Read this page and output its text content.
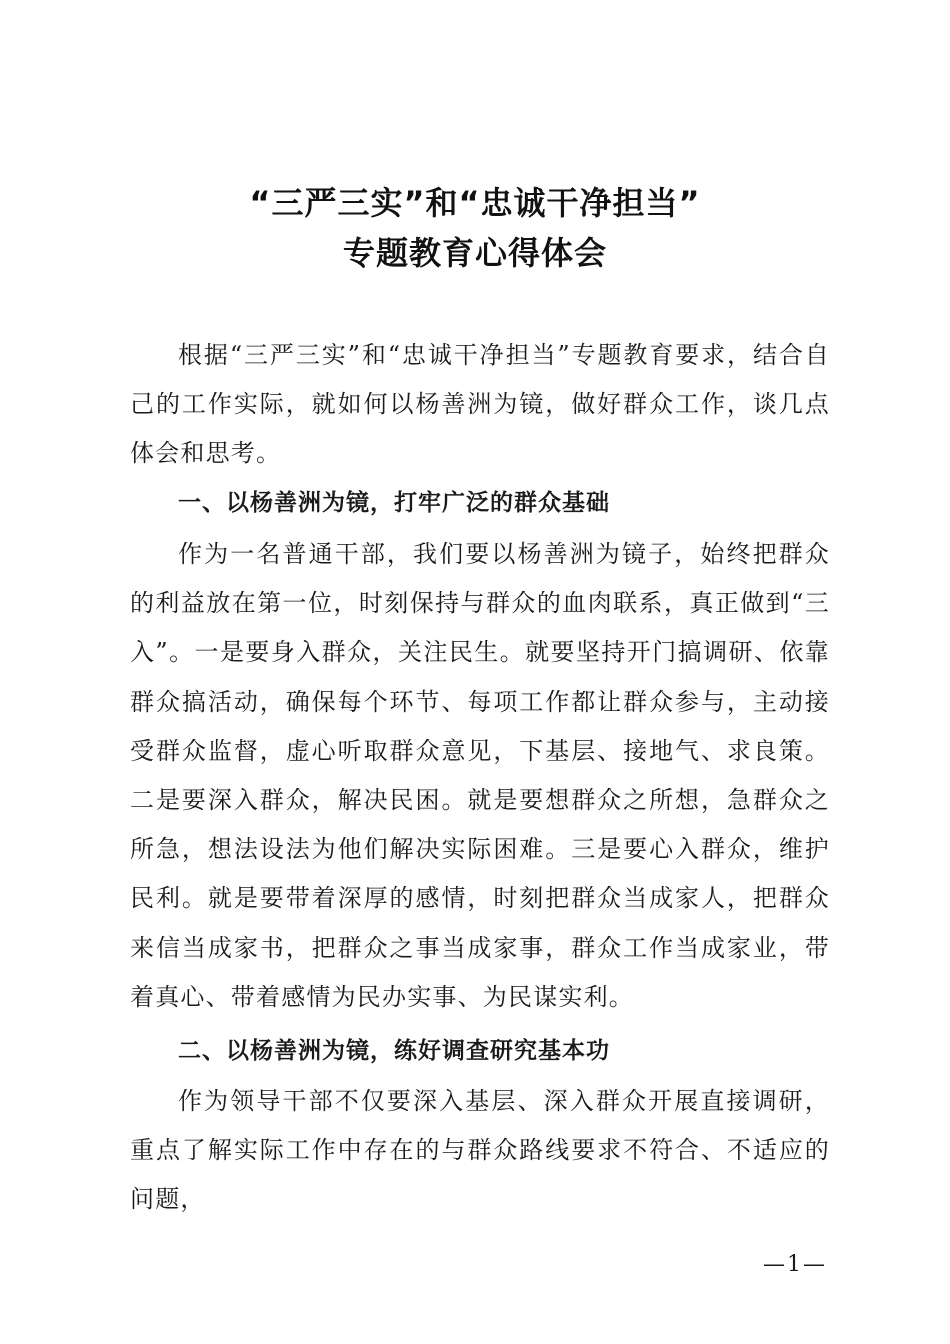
“三严三实”和“忠诚干净担当”
专题教育心得体会

根据“三严三实”和“忠诚干净担当”专题教育要求，结合自己的工作实际，就如何以杨善洲为镜，做好群众工作，谈几点体会和思考。

一、以杨善洲为镜，打牢广泛的群众基础

作为一名普通干部，我们要以杨善洲为镜子，始终把群众的利益放在第一位，时刻保持与群众的血肉联系，真正做到“三入”。一是要身入群众，关注民生。就要坚持开门搞调研、依靠群众搞活动，确保每个环节、每项工作都让群众参与，主动接受群众监督，虚心听取群众意见，下基层、接地气、求良策。二是要深入群众，解决民困。就是要想群众之所想，急群众之所急，想法设法为他们解决实际困难。三是要心入群众，维护民利。就是要带着深厚的感情，时刻把群众当成家人，把群众来信当成家书，把群众之事当成家事，群众工作当成家业，带着真心、带着感情为民办实事、为民谋实利。

二、以杨善洲为镜，练好调查研究基本功

作为领导干部不仅要深入基层、深入群众开展直接调研，重点了解实际工作中存在的与群众路线要求不符合、不适应的问题，

—1—
